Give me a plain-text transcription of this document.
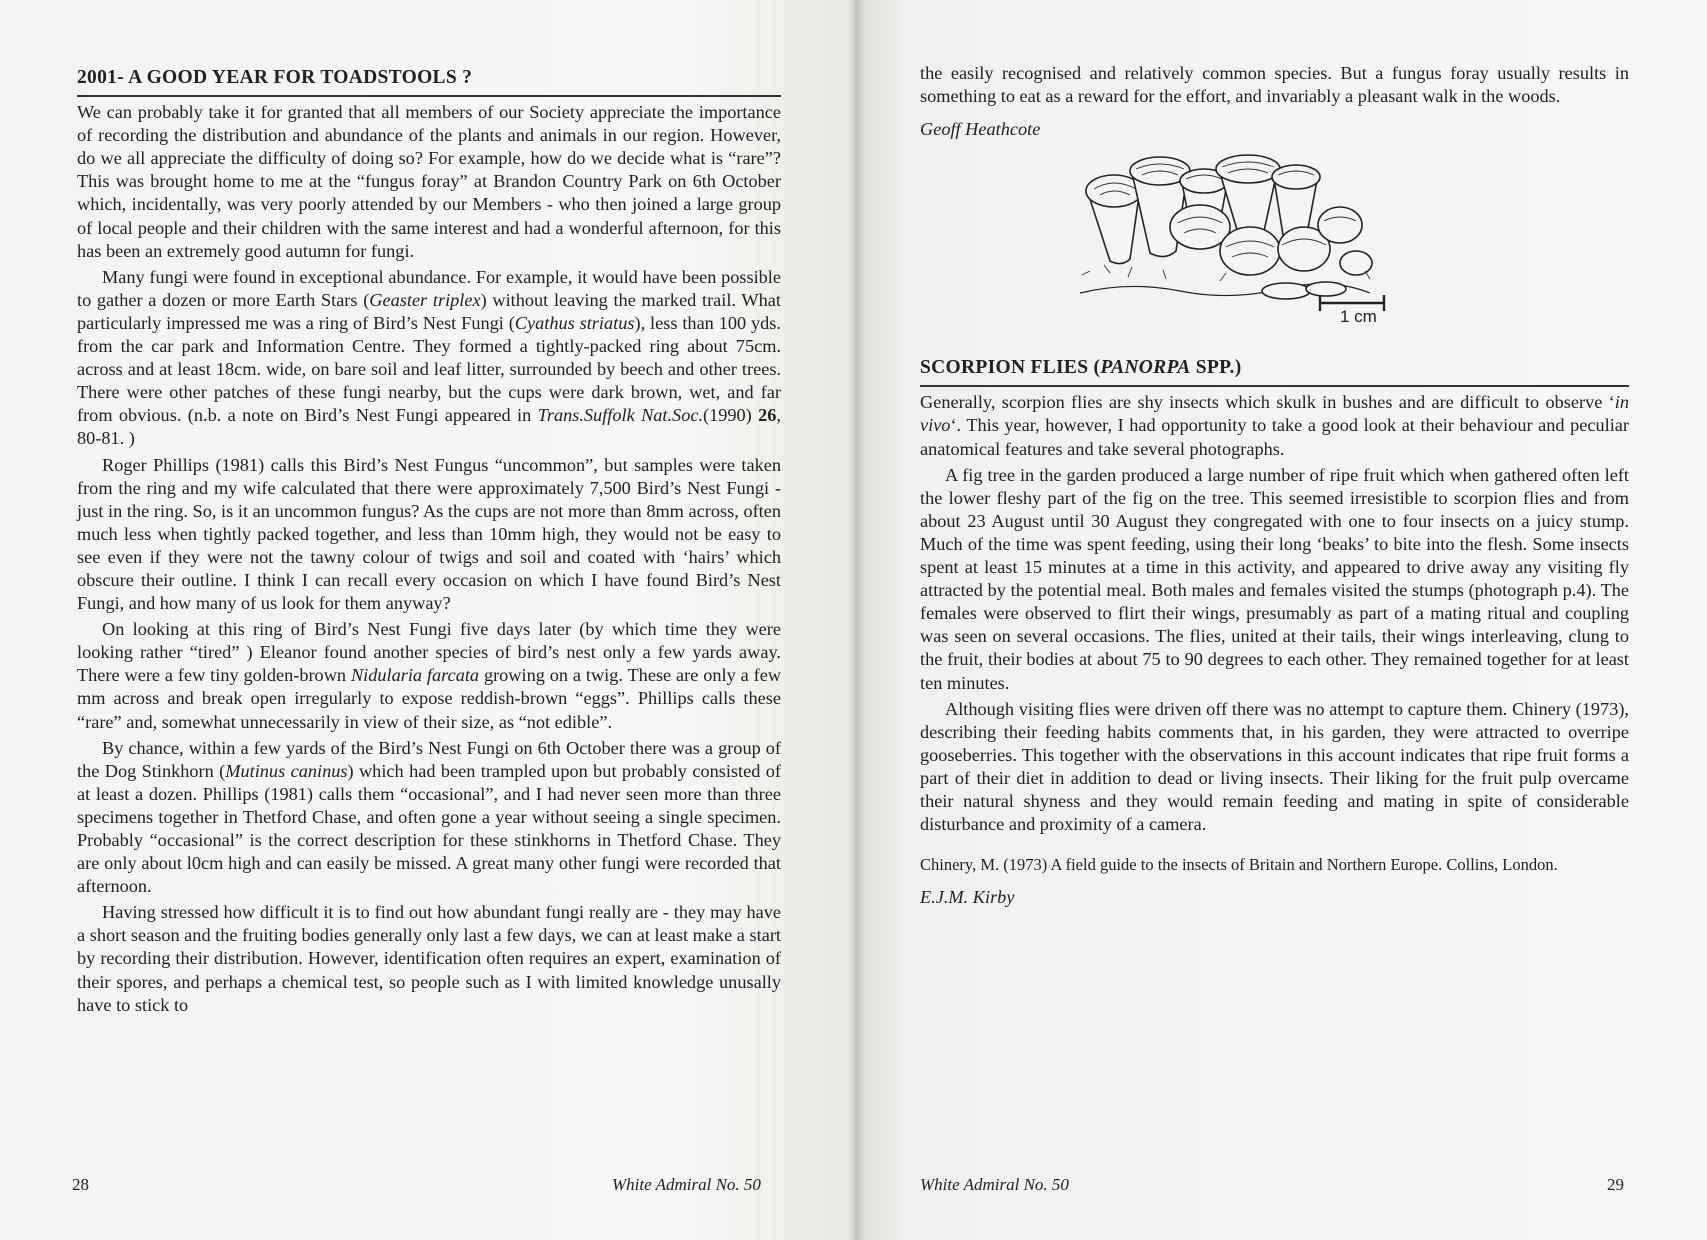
2001- A GOOD YEAR FOR TOADSTOOLS ?

We can probably take it for granted that all members of our Society appreciate the importance of recording the distribution and abundance of the plants and animals in our region. However, do we all appreciate the difficulty of doing so? For example, how do we decide what is “rare”? This was brought home to me at the “fungus foray” at Brandon Country Park on 6th October which, incidentally, was very poorly attended by our Members - who then joined a large group of local people and their children with the same interest and had a wonderful afternoon, for this has been an extremely good autumn for fungi.

Many fungi were found in exceptional abundance. For example, it would have been possible to gather a dozen or more Earth Stars (Geaster triplex) without leaving the marked trail. What particularly impressed me was a ring of Bird’s Nest Fungi (Cyathus striatus), less than 100 yds. from the car park and Information Centre. They formed a tightly-packed ring about 75cm. across and at least 18cm. wide, on bare soil and leaf litter, surrounded by beech and other trees. There were other patches of these fungi nearby, but the cups were dark brown, wet, and far from obvious. (n.b. a note on Bird’s Nest Fungi appeared in Trans.Suffolk Nat.Soc.(1990) 26, 80-81. )

Roger Phillips (1981) calls this Bird’s Nest Fungus “uncommon”, but samples were taken from the ring and my wife calculated that there were approximately 7,500 Bird’s Nest Fungi - just in the ring. So, is it an uncommon fungus? As the cups are not more than 8mm across, often much less when tightly packed together, and less than 10mm high, they would not be easy to see even if they were not the tawny colour of twigs and soil and coated with ‘hairs’ which obscure their outline. I think I can recall every occasion on which I have found Bird’s Nest Fungi, and how many of us look for them anyway?

On looking at this ring of Bird’s Nest Fungi five days later (by which time they were looking rather “tired” ) Eleanor found another species of bird’s nest only a few yards away. There were a few tiny golden-brown Nidularia farcata growing on a twig. These are only a few mm across and break open irregularly to expose reddish-brown “eggs”. Phillips calls these “rare” and, somewhat unnecessarily in view of their size, as “not edible”.

By chance, within a few yards of the Bird’s Nest Fungi on 6th October there was a group of the Dog Stinkhorn (Mutinus caninus) which had been trampled upon but probably consisted of at least a dozen. Phillips (1981) calls them “occasional”, and I had never seen more than three specimens together in Thetford Chase, and often gone a year without seeing a single specimen. Probably “occasional” is the correct description for these stinkhorns in Thetford Chase. They are only about l0cm high and can easily be missed. A great many other fungi were recorded that afternoon.

Having stressed how difficult it is to find out how abundant fungi really are - they may have a short season and the fruiting bodies generally only last a few days, we can at least make a start by recording their distribution. However, identification often requires an expert, examination of their spores, and perhaps a chemical test, so people such as I with limited knowledge unusally have to stick to

28	White Admiral No. 50

the easily recognised and relatively common species. But a fungus foray usually results in something to eat as a reward for the effort, and invariably a pleasant walk in the woods.

Geoff Heathcote

1 cm
SCORPION FLIES (PANORPA SPP.)

Generally, scorpion flies are shy insects which skulk in bushes and are difficult to observe ‘in vivo‘. This year, however, I had opportunity to take a good look at their behaviour and peculiar anatomical features and take several photographs.

A fig tree in the garden produced a large number of ripe fruit which when gathered often left the lower fleshy part of the fig on the tree. This seemed irresistible to scorpion flies and from about 23 August until 30 August they congregated with one to four insects on a juicy stump. Much of the time was spent feeding, using their long ‘beaks’ to bite into the flesh. Some insects spent at least 15 minutes at a time in this activity, and appeared to drive away any visiting fly attracted by the potential meal. Both males and females visited the stumps (photograph p.4). The females were observed to flirt their wings, presumably as part of a mating ritual and coupling was seen on several occasions. The flies, united at their tails, their wings interleaving, clung to the fruit, their bodies at about 75 to 90 degrees to each other. They remained together for at least ten minutes.

Although visiting flies were driven off there was no attempt to capture them. Chinery (1973), describing their feeding habits comments that, in his garden, they were attracted to overripe gooseberries. This together with the observations in this account indicates that ripe fruit forms a part of their diet in addition to dead or living insects. Their liking for the fruit pulp overcame their natural shyness and they would remain feeding and mating in spite of considerable disturbance and proximity of a camera.

Chinery, M. (1973) A field guide to the insects of Britain and Northern Europe. Collins, London.

E.J.M. Kirby

White Admiral No. 50	29
